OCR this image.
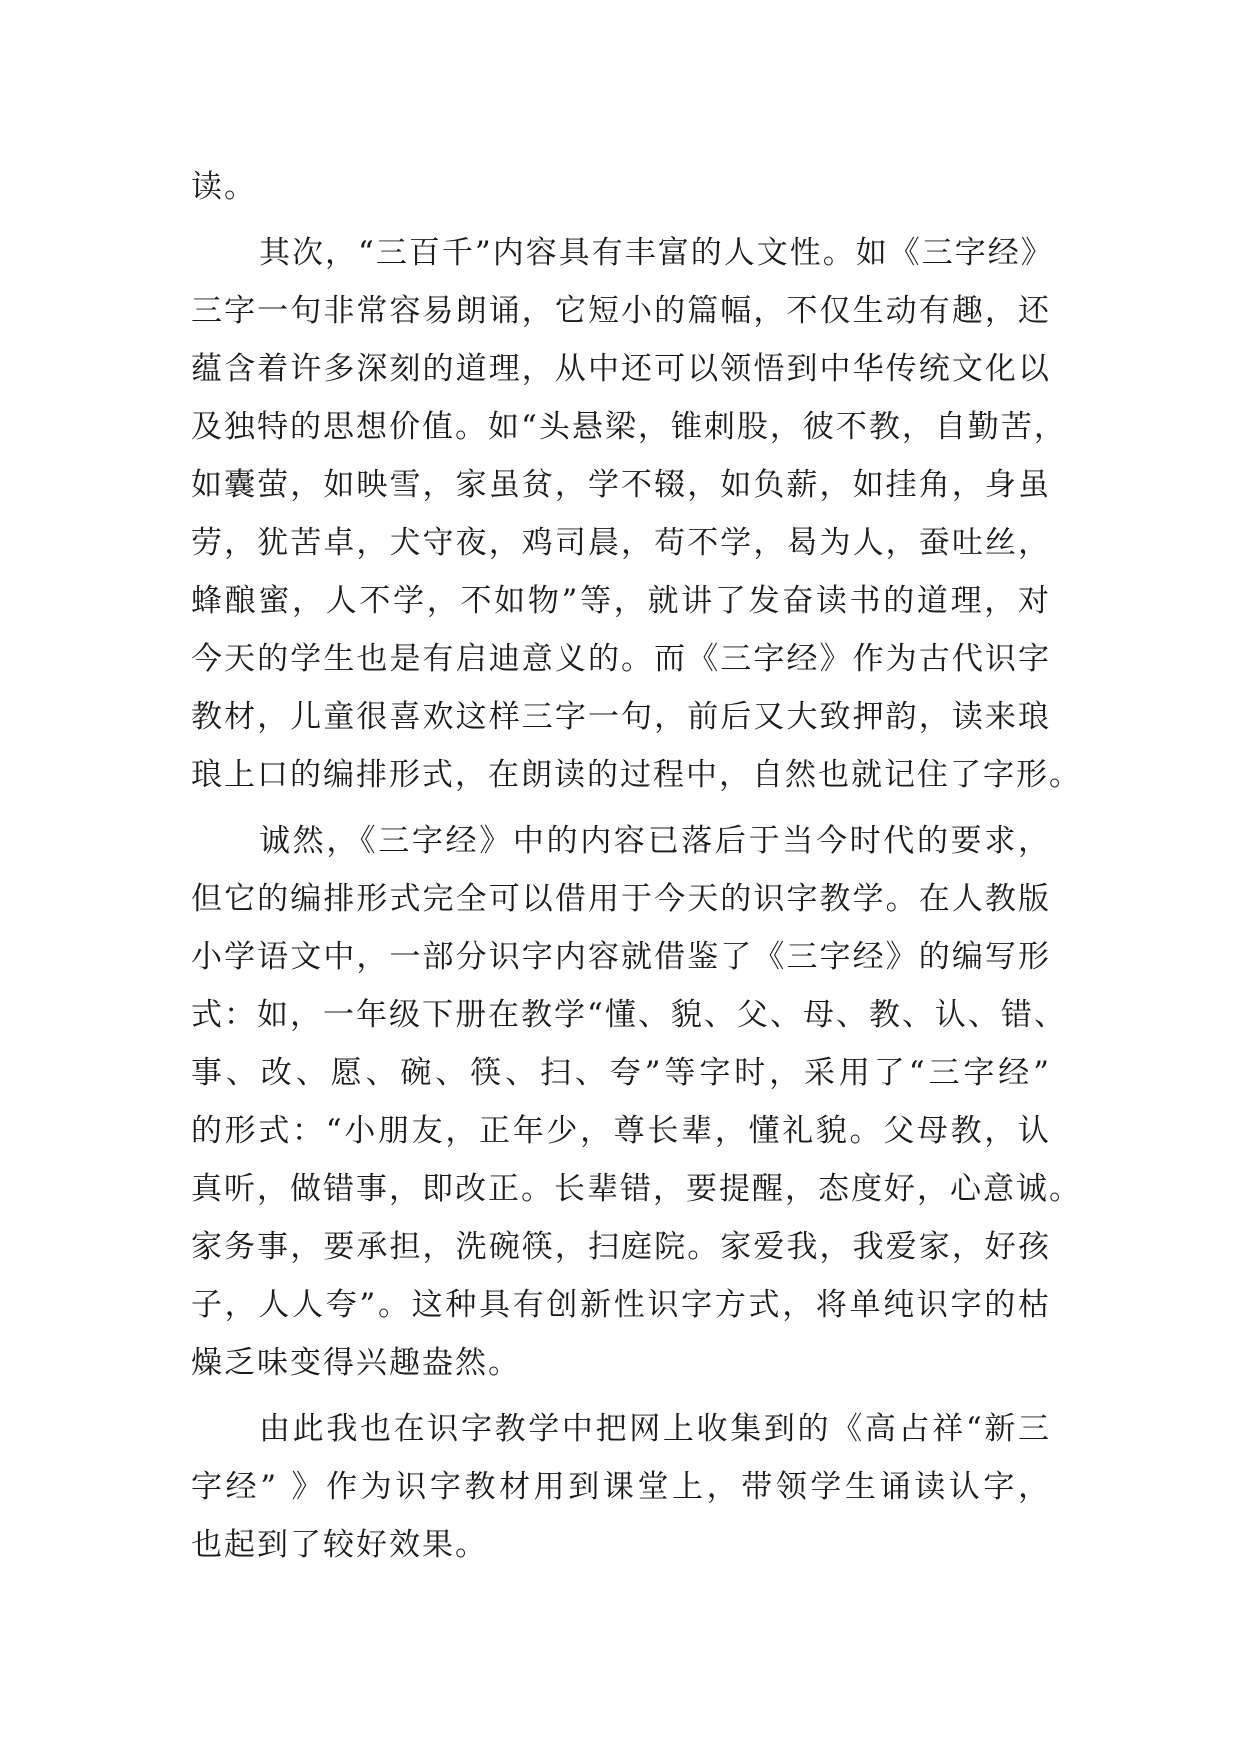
读。
其次，“三百千”内容具有丰富的人文性。如《三字经》
三字一句非常容易朗诵，它短小的篇幅，不仅生动有趣，还
蕴含着许多深刻的道理，从中还可以领悟到中华传统文化以
及独特的思想价值。如“头悬梁，锥刺股，彼不教，自勤苦，
如囊萤，如映雪，家虽贫，学不辍，如负薪，如挂角，身虽
劳，犹苦卓，犬守夜，鸡司晨，苟不学，曷为人，蚕吐丝，
蜂酿蜜，人不学，不如物”等，就讲了发奋读书的道理，对
今天的学生也是有启迪意义的。而《三字经》作为古代识字
教材，儿童很喜欢这样三字一句，前后又大致押韵，读来琅
琅上口的编排形式，在朗读的过程中，自然也就记住了字形。
诚然，《三字经》中的内容已落后于当今时代的要求，
但它的编排形式完全可以借用于今天的识字教学。在人教版
小学语文中，一部分识字内容就借鉴了《三字经》的编写形
式：如，一年级下册在教学“懂、貌、父、母、教、认、错、
事、改、愿、碗、筷、扫、夸”等字时，采用了“三字经”
的形式：“小朋友，正年少，尊长辈，懂礼貌。父母教，认
真听，做错事，即改正。长辈错，要提醒，态度好，心意诚。
家务事，要承担，洗碗筷，扫庭院。家爱我，我爱家，好孩
子，人人夸”。这种具有创新性识字方式，将单纯识字的枯
燥乏味变得兴趣盎然。
由此我也在识字教学中把网上收集到的《高占祥“新三
字经” 》作为识字教材用到课堂上，带领学生诵读认字，
也起到了较好效果。
